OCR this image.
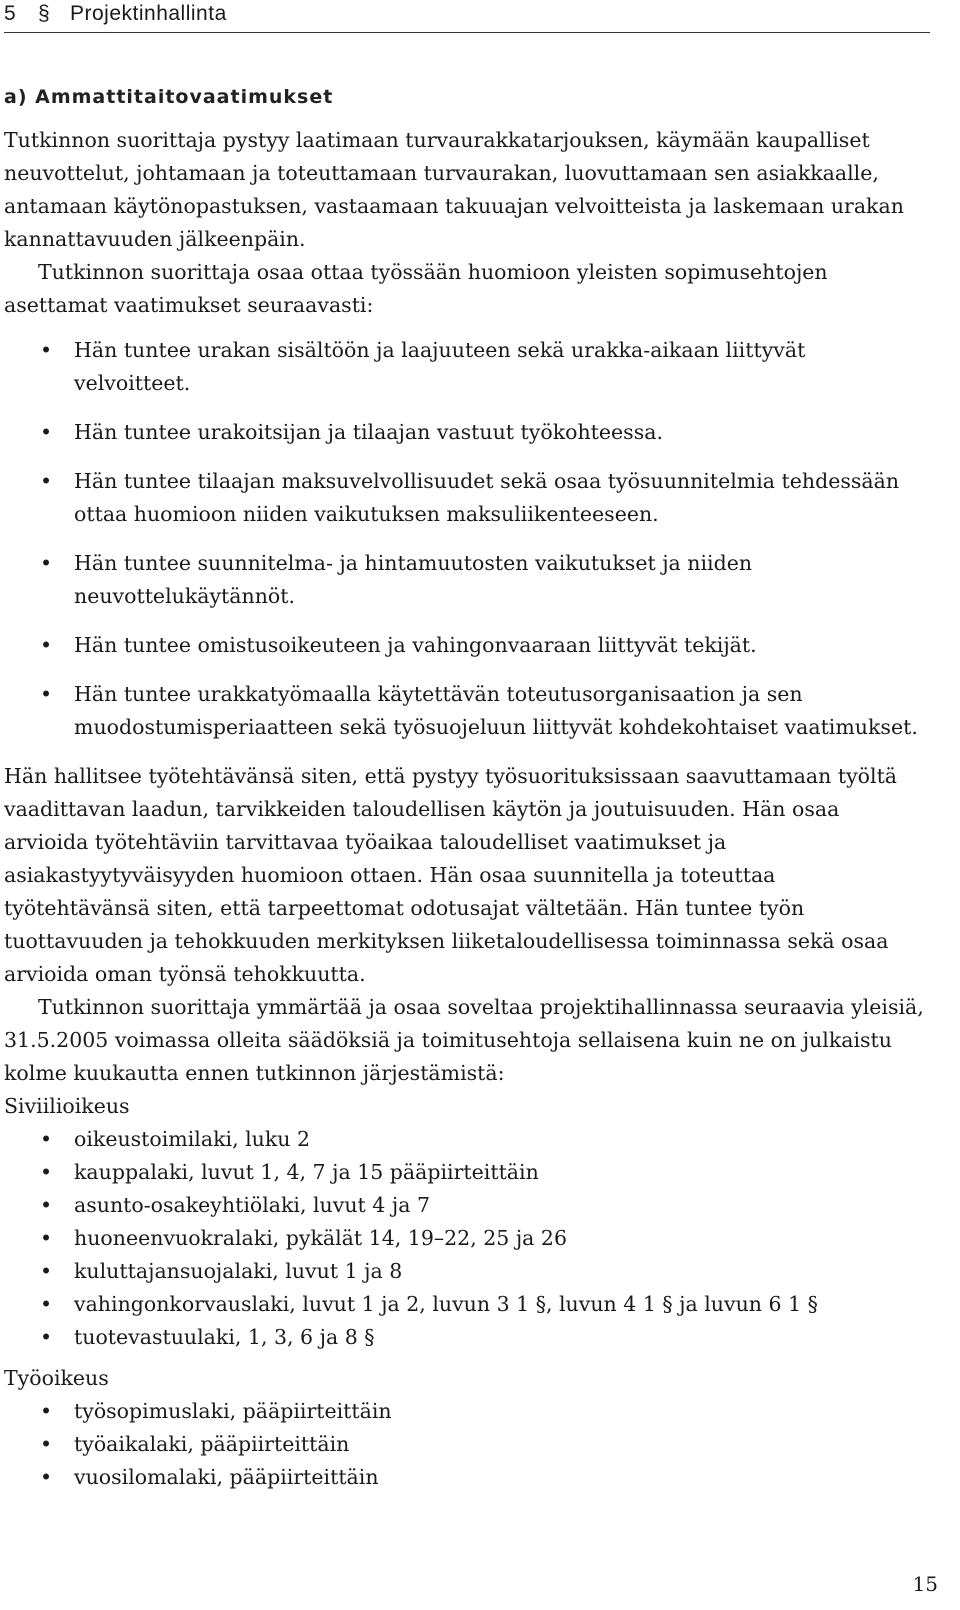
5 § Projektinhallinta
a) Ammattitaitovaatimukset

Tutkinnon suorittaja pystyy laatimaan turvaurakkatarjouksen, käymään kaupalliset neuvottelut, johtamaan ja toteuttamaan turvaurakan, luovuttamaan sen asiakkaalle, antamaan käytönopastuksen, vastaamaan takuuajan velvoitteista ja laskemaan urakan kannattavuuden jälkeenpäin.

Tutkinnon suorittaja osaa ottaa työssään huomioon yleisten sopimusehtojen asettamat vaatimukset seuraavasti:

• Hän tuntee urakan sisältöön ja laajuuteen sekä urakka-aikaan liittyvät velvoitteet.
• Hän tuntee urakoitsijan ja tilaajan vastuut työkohteessa.
• Hän tuntee tilaajan maksuvelvollisuudet sekä osaa työsuunnitelmia tehdessään ottaa huomioon niiden vaikutuksen maksuliikenteeseen.
• Hän tuntee suunnitelma- ja hintamuutosten vaikutukset ja niiden neuvottelukäytännöt.
• Hän tuntee omistusoikeuteen ja vahingonvaaraan liittyvät tekijät.
• Hän tuntee urakkatyömaalla käytettävän toteutusorganisaation ja sen muodostumisperiaatteen sekä työsuojeluun liittyvät kohdekohtaiset vaatimukset.

Hän hallitsee työtehtävänsä siten, että pystyy työsuorituksissaan saavuttamaan työltä vaadittavan laadun, tarvikkeiden taloudellisen käytön ja joutuisuuden. Hän osaa arvioida työtehtäviin tarvittavaa työaikaa taloudelliset vaatimukset ja asiakastyytyväisyyden huomioon ottaen. Hän osaa suunnitella ja toteuttaa työtehtävänsä siten, että tarpeettomat odotusajat vältetään. Hän tuntee työn tuottavuuden ja tehokkuuden merkityksen liiketaloudellisessa toiminnassa sekä osaa arvioida oman työnsä tehokkuutta.

Tutkinnon suorittaja ymmärtää ja osaa soveltaa projektihallinnassa seuraavia yleisiä, 31.5.2005 voimassa olleita säädöksiä ja toimitusehtoja sellaisena kuin ne on julkaistu kolme kuukautta ennen tutkinnon järjestämistä:

Siviilioikeus

• oikeustoimilaki, luku 2
• kauppalaki, luvut 1, 4, 7 ja 15 pääpiirteittäin
• asunto-osakeyhtiölaki, luvut 4 ja 7
• huoneenvuokralaki, pykälät 14, 19–22, 25 ja 26
• kuluttajansuojalaki, luvut 1 ja 8
• vahingonkorvauslaki, luvut 1 ja 2, luvun 3 1 §, luvun 4 1 § ja luvun 6 1 §
• tuotevastuulaki, 1, 3, 6 ja 8 §

Työoikeus

• työsopimuslaki, pääpiirteittäin
• työaikalaki, pääpiirteittäin
• vuosilomalaki, pääpiirteittäin
15
